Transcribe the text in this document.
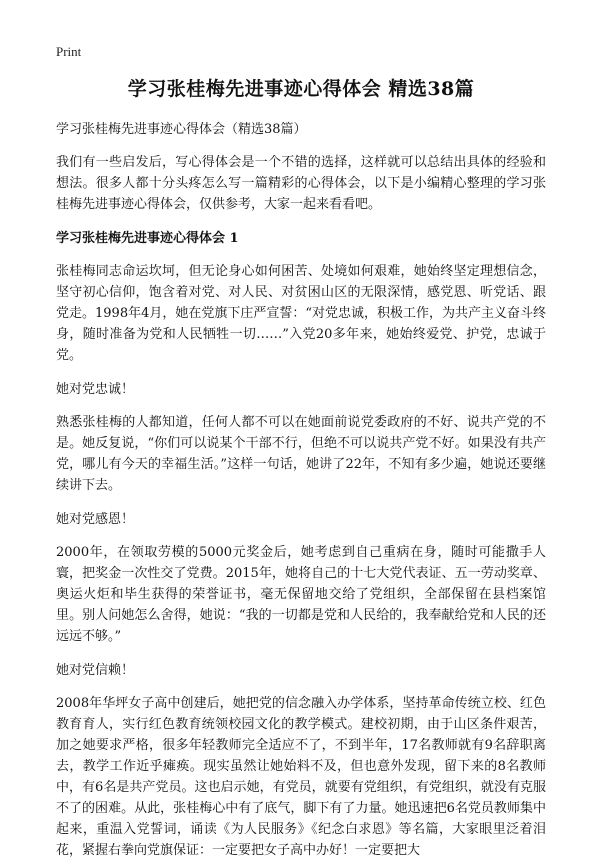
Print
学习张桂梅先进事迹心得体会 精选38篇
学习张桂梅先进事迹心得体会（精选38篇）

我们有一些启发后，写心得体会是一个不错的选择，这样就可以总结出具体的经验和想法。很多人都十分头疼怎么写一篇精彩的心得体会，以下是小编精心整理的学习张桂梅先进事迹心得体会，仅供参考，大家一起来看看吧。

学习张桂梅先进事迹心得体会 1

张桂梅同志命运坎坷，但无论身心如何困苦、处境如何艰难，她始终坚定理想信念，坚守初心信仰，饱含着对党、对人民、对贫困山区的无限深情，感党恩、听党话、跟党走。1998年4月，她在党旗下庄严宣誓：“对党忠诚，积极工作，为共产主义奋斗终身，随时准备为党和人民牺牲一切……”入党20多年来，她始终爱党、护党，忠诚于党。

她对党忠诚！

熟悉张桂梅的人都知道，任何人都不可以在她面前说党委政府的不好、说共产党的不是。她反复说，“你们可以说某个干部不行，但绝不可以说共产党不好。如果没有共产党，哪儿有今天的幸福生活。”这样一句话，她讲了22年，不知有多少遍，她说还要继续讲下去。

她对党感恩！

2000年，在领取劳模的5000元奖金后，她考虑到自己重病在身，随时可能撒手人寰，把奖金一次性交了党费。2015年，她将自己的十七大党代表证、五一劳动奖章、奥运火炬和毕生获得的荣誉证书，毫无保留地交给了党组织，全部保留在县档案馆里。别人问她怎么舍得，她说：“我的一切都是党和人民给的，我奉献给党和人民的还远远不够。”

她对党信赖！

2008年华坪女子高中创建后，她把党的信念融入办学体系，坚持革命传统立校、红色教育育人，实行红色教育统领校园文化的教学模式。建校初期，由于山区条件艰苦，加之她要求严格，很多年轻教师完全适应不了，不到半年，17名教师就有9名辞职离去，教学工作近乎瘫痪。现实虽然让她始料不及，但也意外发现，留下来的8名教师中，有6名是共产党员。这也启示她，有党员，就要有党组织，有党组织，就没有克服不了的困难。从此，张桂梅心中有了底气，脚下有了力量。她迅速把6名党员教师集中起来，重温入党誓词，诵读《为人民服务》《纪念白求恩》等名篇，大家眼里泛着泪花，紧握右拳向党旗保证：一定要把女子高中办好！一定要把大
